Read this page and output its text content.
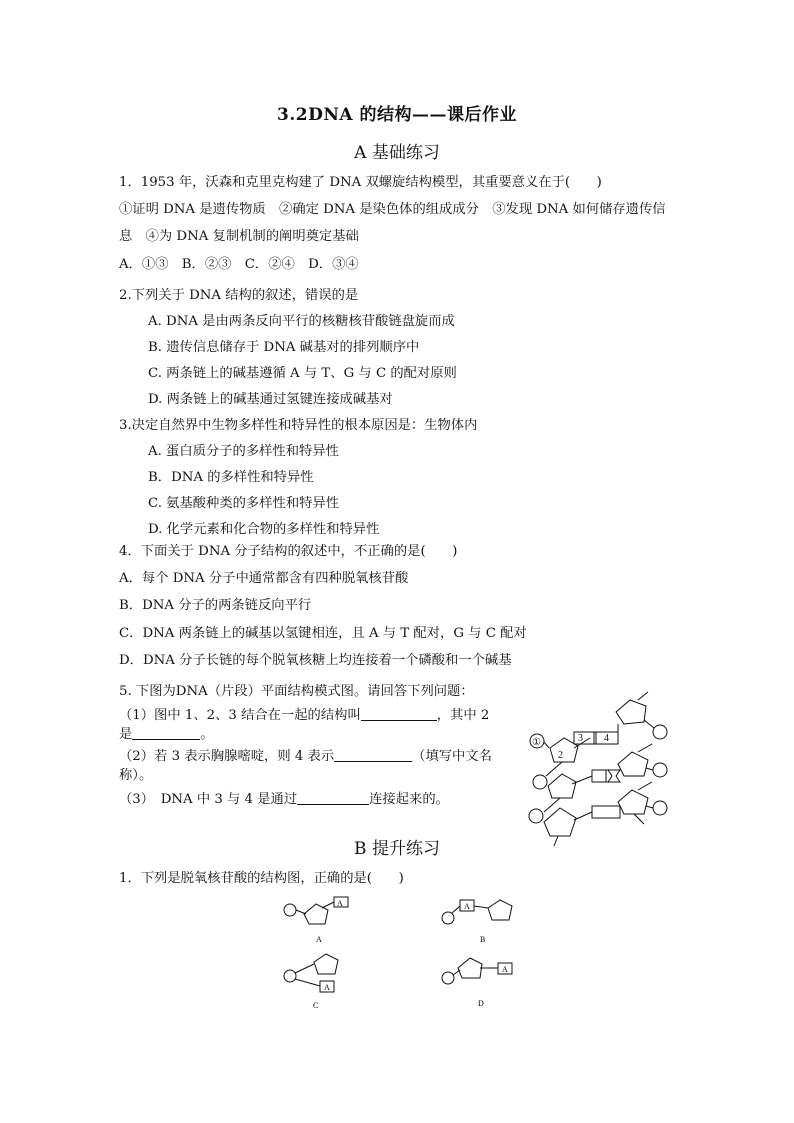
3.2DNA 的结构——课后作业
A 基础练习
1．1953 年，沃森和克里克构建了 DNA 双螺旋结构模型，其重要意义在于(　　)
①证明 DNA 是遗传物质　②确定 DNA 是染色体的组成成分　③发现 DNA 如何储存遗传信
息　④为 DNA 复制机制的阐明奠定基础
A．①③　B．②③　C．②④　D．③④
2.下列关于 DNA 结构的叙述，错误的是
A. DNA 是由两条反向平行的核糖核苷酸链盘旋而成
B. 遗传信息储存于 DNA 碱基对的排列顺序中
C. 两条链上的碱基遵循 A 与 T、G 与 C 的配对原则
D. 两条链上的碱基通过氢键连接成碱基对
3.决定自然界中生物多样性和特异性的根本原因是：生物体内
A. 蛋白质分子的多样性和特异性
B．DNA 的多样性和特异性
C. 氨基酸种类的多样性和特异性
D. 化学元素和化合物的多样性和特异性
4．下面关于 DNA 分子结构的叙述中，不正确的是(　　)
A．每个 DNA 分子中通常都含有四种脱氧核苷酸
B．DNA 分子的两条链反向平行
C．DNA 两条链上的碱基以氢键相连，且 A 与 T 配对，G 与 C 配对
D．DNA 分子长链的每个脱氧核糖上均连接着一个磷酸和一个碱基
5. 下图为DNA（片段）平面结构模式图。请回答下列问题：
（1）图中 1、2、3 结合在一起的结构叫	，其中 2
是	。
（2）若 3 表示胸腺嘧啶，则 4 表示	（填写中文名
称）。
（3）　DNA 中 3 与 4 是通过	连接起来的。
①
2
3 4
B 提升练习
1．下列是脱氧核苷酸的结构图，正确的是(　　)
A
A
A
B
A
C
A
D
